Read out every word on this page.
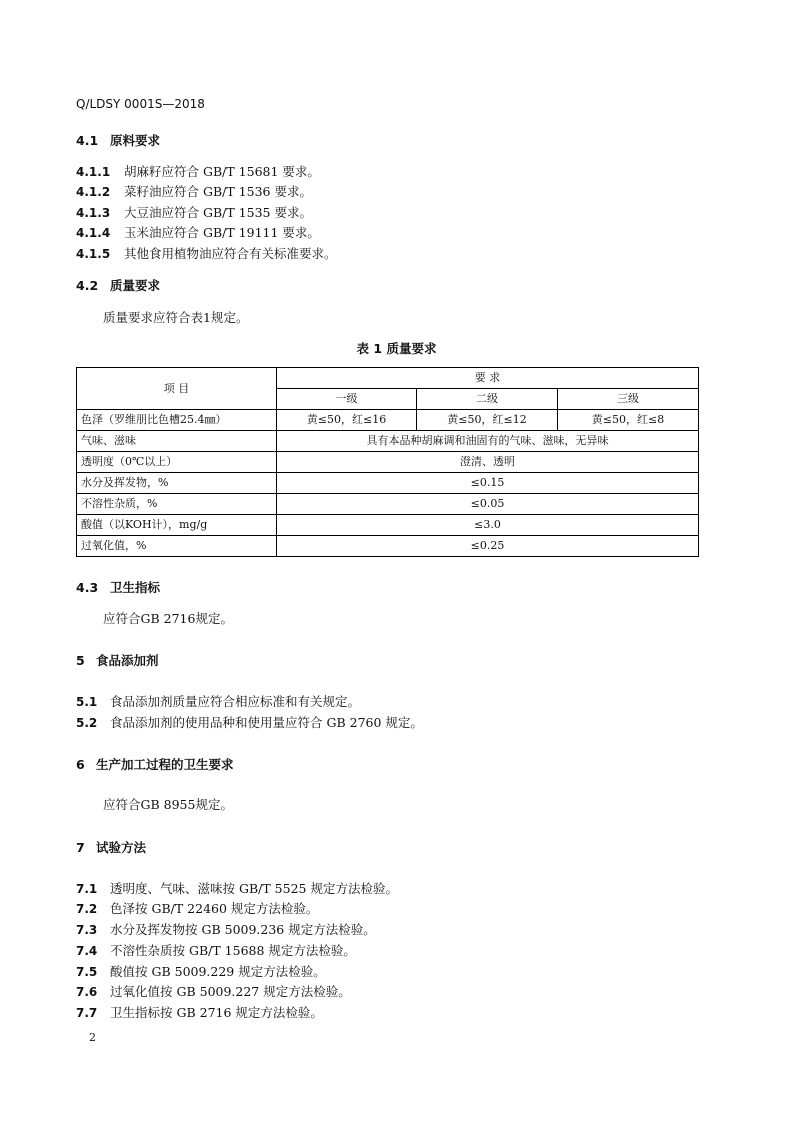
Q/LDSY 0001S—2018
4.1 原料要求
4.1.1 胡麻籽应符合 GB/T 15681 要求。
4.1.2 菜籽油应符合 GB/T 1536 要求。
4.1.3 大豆油应符合 GB/T 1535 要求。
4.1.4 玉米油应符合 GB/T 19111 要求。
4.1.5 其他食用植物油应符合有关标准要求。
4.2 质量要求
质量要求应符合表1规定。
表 1 质量要求
项 目	要 求		
	一级	二级	三级
色泽（罗维朋比色槽25.4㎜）	黄≤50，红≤16	黄≤50，红≤12	黄≤50，红≤8
气味、滋味	具有本品种胡麻调和油固有的气味、滋味，无异味		
透明度（0℃以上）	澄清、透明		
水分及挥发物，%	≤0.15		
不溶性杂质，%	≤0.05		
酸值（以KOH计），mg/g	≤3.0		
过氧化值，%	≤0.25		
4.3 卫生指标
应符合GB 2716规定。
5 食品添加剂
5.1 食品添加剂质量应符合相应标准和有关规定。
5.2 食品添加剂的使用品种和使用量应符合 GB 2760 规定。
6 生产加工过程的卫生要求
应符合GB 8955规定。
7 试验方法
7.1 透明度、气味、滋味按 GB/T 5525 规定方法检验。
7.2 色泽按 GB/T 22460 规定方法检验。
7.3 水分及挥发物按 GB 5009.236 规定方法检验。
7.4 不溶性杂质按 GB/T 15688 规定方法检验。
7.5 酸值按 GB 5009.229 规定方法检验。
7.6 过氧化值按 GB 5009.227 规定方法检验。
7.7 卫生指标按 GB 2716 规定方法检验。
2
